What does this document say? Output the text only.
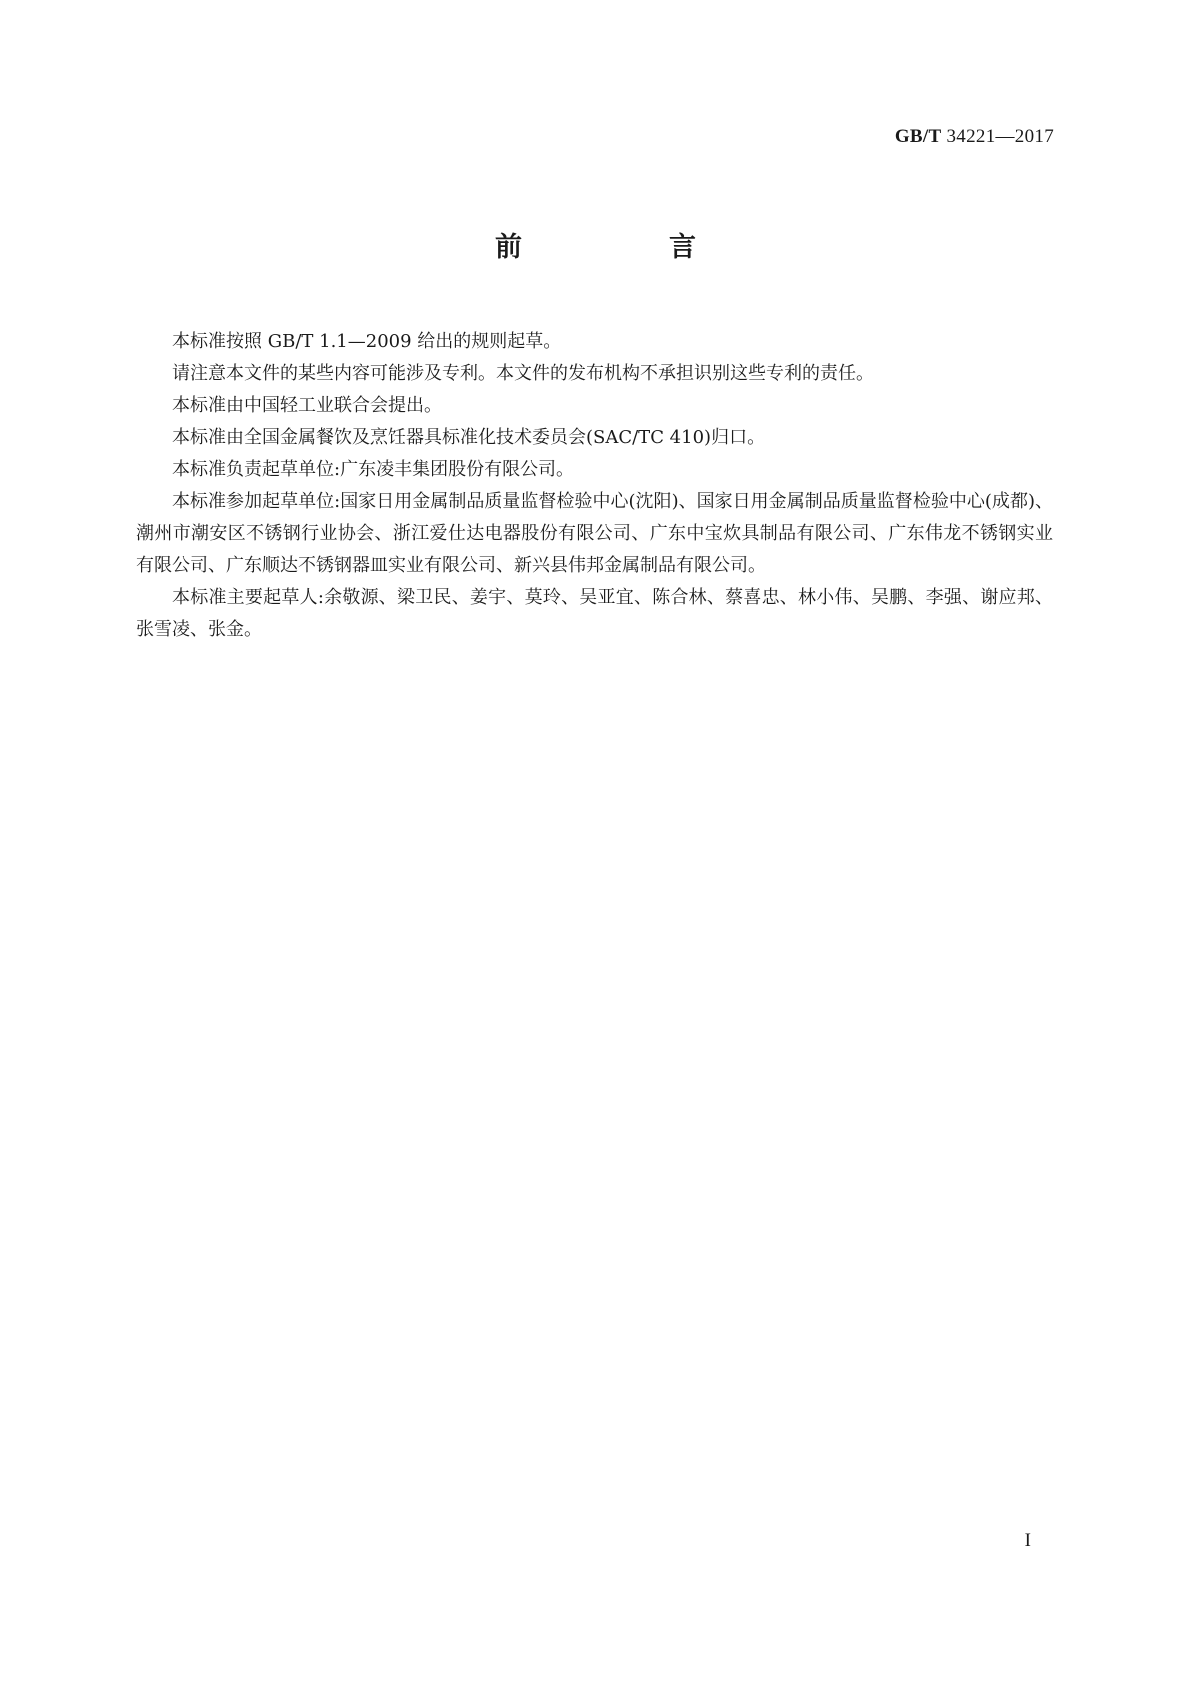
GB/T 34221—2017
前　言

本标准按照 GB/T 1.1—2009 给出的规则起草。

请注意本文件的某些内容可能涉及专利。本文件的发布机构不承担识别这些专利的责任。

本标准由中国轻工业联合会提出。

本标准由全国金属餐饮及烹饪器具标准化技术委员会(SAC/TC 410)归口。

本标准负责起草单位:广东凌丰集团股份有限公司。

本标准参加起草单位:国家日用金属制品质量监督检验中心(沈阳)、国家日用金属制品质量监督检验中心(成都)、潮州市潮安区不锈钢行业协会、浙江爱仕达电器股份有限公司、广东中宝炊具制品有限公司、广东伟龙不锈钢实业有限公司、广东顺达不锈钢器皿实业有限公司、新兴县伟邦金属制品有限公司。

本标准主要起草人:余敬源、梁卫民、姜宇、莫玲、吴亚宜、陈合林、蔡喜忠、林小伟、吴鹏、李强、谢应邦、张雪凌、张金。

I
